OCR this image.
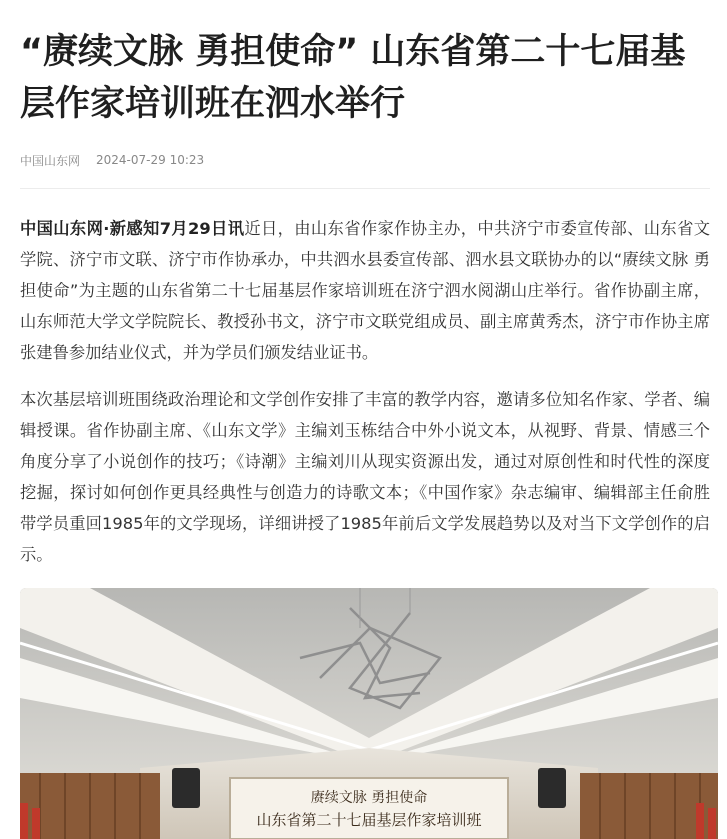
“赓续文脉 勇担使命” 山东省第二十七届基层作家培训班在泗水举行
中国山东网 2024-07-29 10:23

中国山东网·新感知7月29日讯近日，由山东省作家作协主办，中共济宁市委宣传部、山东省文学院、济宁市文联、济宁市作协承办，中共泗水县委宣传部、泗水县文联协办的以“赓续文脉 勇担使命”为主题的山东省第二十七届基层作家培训班在济宁泗水阅湖山庄举行。省作协副主席，山东师范大学文学院院长、教授孙书文，济宁市文联党组成员、副主席黄秀杰，济宁市作协主席张建鲁参加结业仪式，并为学员们颁发结业证书。

本次基层培训班围绕政治理论和文学创作安排了丰富的教学内容，邀请多位知名作家、学者、编辑授课。省作协副主席、《山东文学》主编刘玉栋结合中外小说文本，从视野、背景、情感三个角度分享了小说创作的技巧；《诗潮》主编刘川从现实资源出发，通过对原创性和时代性的深度挖掘，探讨如何创作更具经典性与创造力的诗歌文本；《中国作家》杂志编审、编辑部主任俞胜带学员重回1985年的文学现场，详细讲授了1985年前后文学发展趋势以及对当下文学创作的启示。

赓续文脉 勇担使命
山东省第二十七届基层作家培训班
